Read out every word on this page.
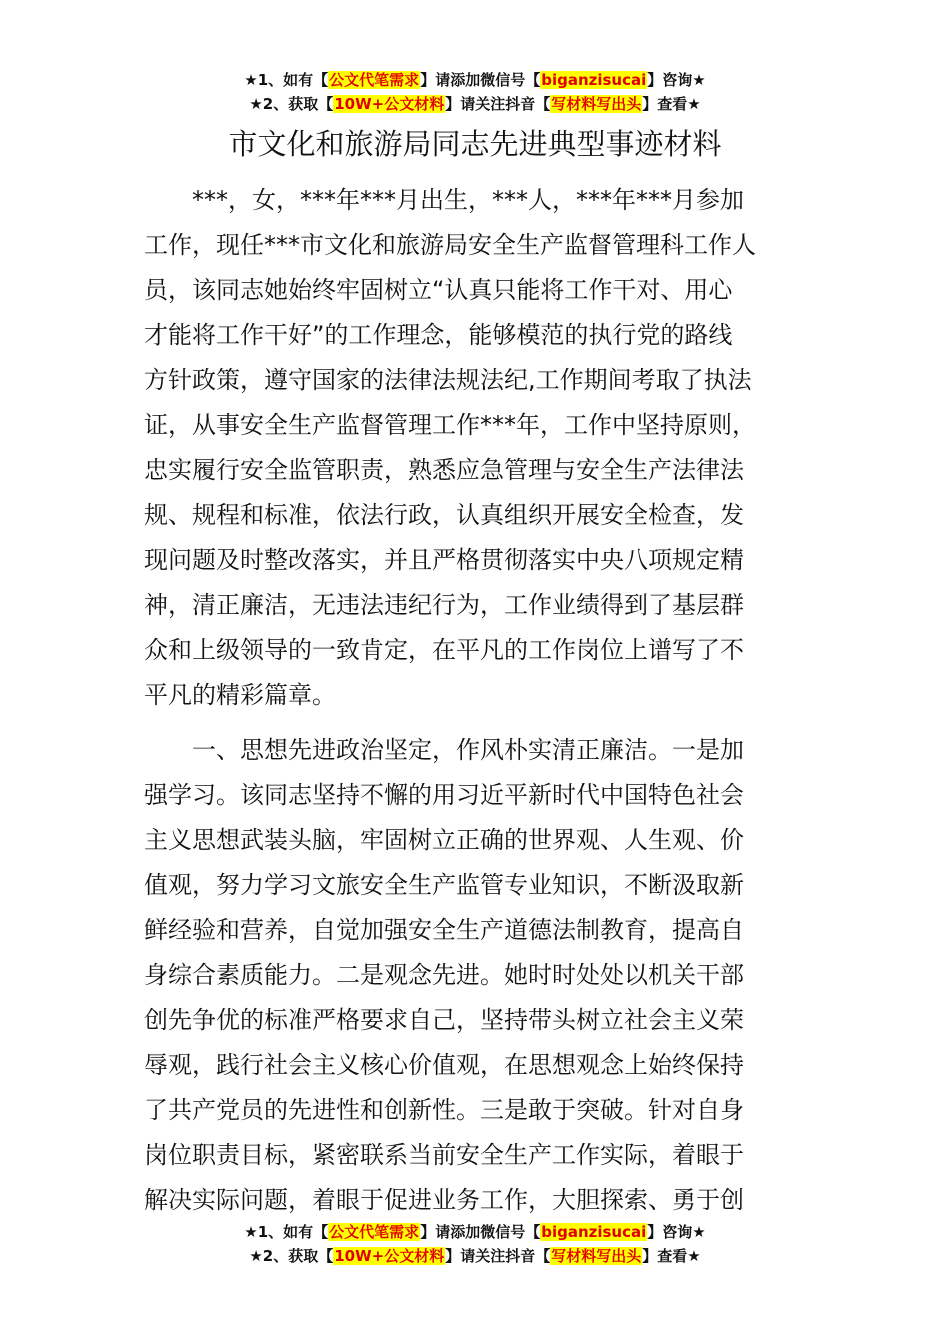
★1、如有【公文代笔需求】请添加微信号【biganzisucai】咨询★
★2、获取【10W+公文材料】请关注抖音【写材料写出头】查看★
市文化和旅游局同志先进典型事迹材料
***，女，***年***月出生，***人，***年***月参加
工作，现任***市文化和旅游局安全生产监督管理科工作人
员，该同志她始终牢固树立“认真只能将工作干对、用心
才能将工作干好”的工作理念，能够模范的执行党的路线
方针政策，遵守国家的法律法规法纪,工作期间考取了执法
证，从事安全生产监督管理工作***年，工作中坚持原则，
忠实履行安全监管职责，熟悉应急管理与安全生产法律法
规、规程和标准，依法行政，认真组织开展安全检查，发
现问题及时整改落实，并且严格贯彻落实中央八项规定精
神，清正廉洁，无违法违纪行为，工作业绩得到了基层群
众和上级领导的一致肯定，在平凡的工作岗位上谱写了不
平凡的精彩篇章。
一、思想先进政治坚定，作风朴实清正廉洁。一是加
强学习。该同志坚持不懈的用习近平新时代中国特色社会
主义思想武装头脑，牢固树立正确的世界观、人生观、价
值观，努力学习文旅安全生产监管专业知识，不断汲取新
鲜经验和营养，自觉加强安全生产道德法制教育，提高自
身综合素质能力。二是观念先进。她时时处处以机关干部
创先争优的标准严格要求自己，坚持带头树立社会主义荣
辱观，践行社会主义核心价值观，在思想观念上始终保持
了共产党员的先进性和创新性。三是敢于突破。针对自身
岗位职责目标，紧密联系当前安全生产工作实际，着眼于
解决实际问题，着眼于促进业务工作，大胆探索、勇于创
★1、如有【公文代笔需求】请添加微信号【biganzisucai】咨询★
★2、获取【10W+公文材料】请关注抖音【写材料写出头】查看★
